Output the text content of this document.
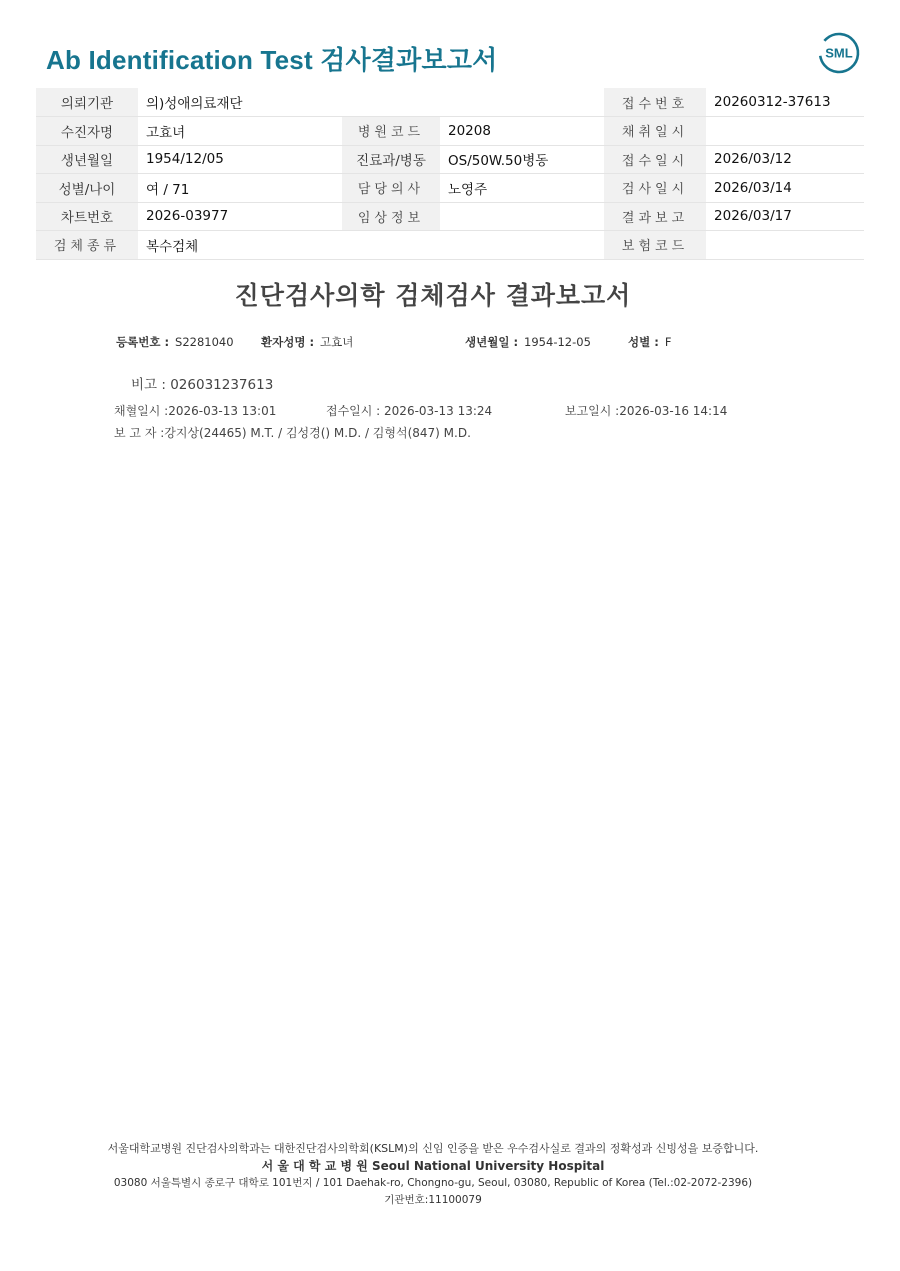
Ab Identification Test 검사결과보고서	SML
의뢰기관	의)성애의료재단			접수번호	20260312-37613
수진자명	고효녀	병원코드	20208	채취일시	
생년월일	1954/12/05	진료과/병동	OS/50W.50병동	접수일시	2026/03/12
성별/나이	여 / 71	담당의사	노영주	검사일시	2026/03/14
차트번호	2026-03977	임상정보		결과보고	2026/03/17
검체종류	복수검체			보험코드	
진단검사의학 검체검사 결과보고서
등록번호 : S2281040 환자성명 : 고효녀	생년월일 : 1954-12-05	성별 : F
비고 : 026031237613
채혈일시 :2026-03-13 13:01	접수일시 : 2026-03-13 13:24	보고일시 :2026-03-16 14:14
보 고 자 :강지상(24465) M.T. / 김성경() M.D. / 김형석(847) M.D.
서울대학교병원 진단검사의학과는 대한진단검사의학회(KSLM)의 신임 인증을 받은 우수검사실로 결과의 정확성과 신빙성을 보증합니다.
서 울 대 학 교 병 원 Seoul National University Hospital
03080 서울특별시 종로구 대학로 101번지 / 101 Daehak-ro, Chongno-gu, Seoul, 03080, Republic of Korea (Tel.:02-2072-2396)
기관번호:11100079
